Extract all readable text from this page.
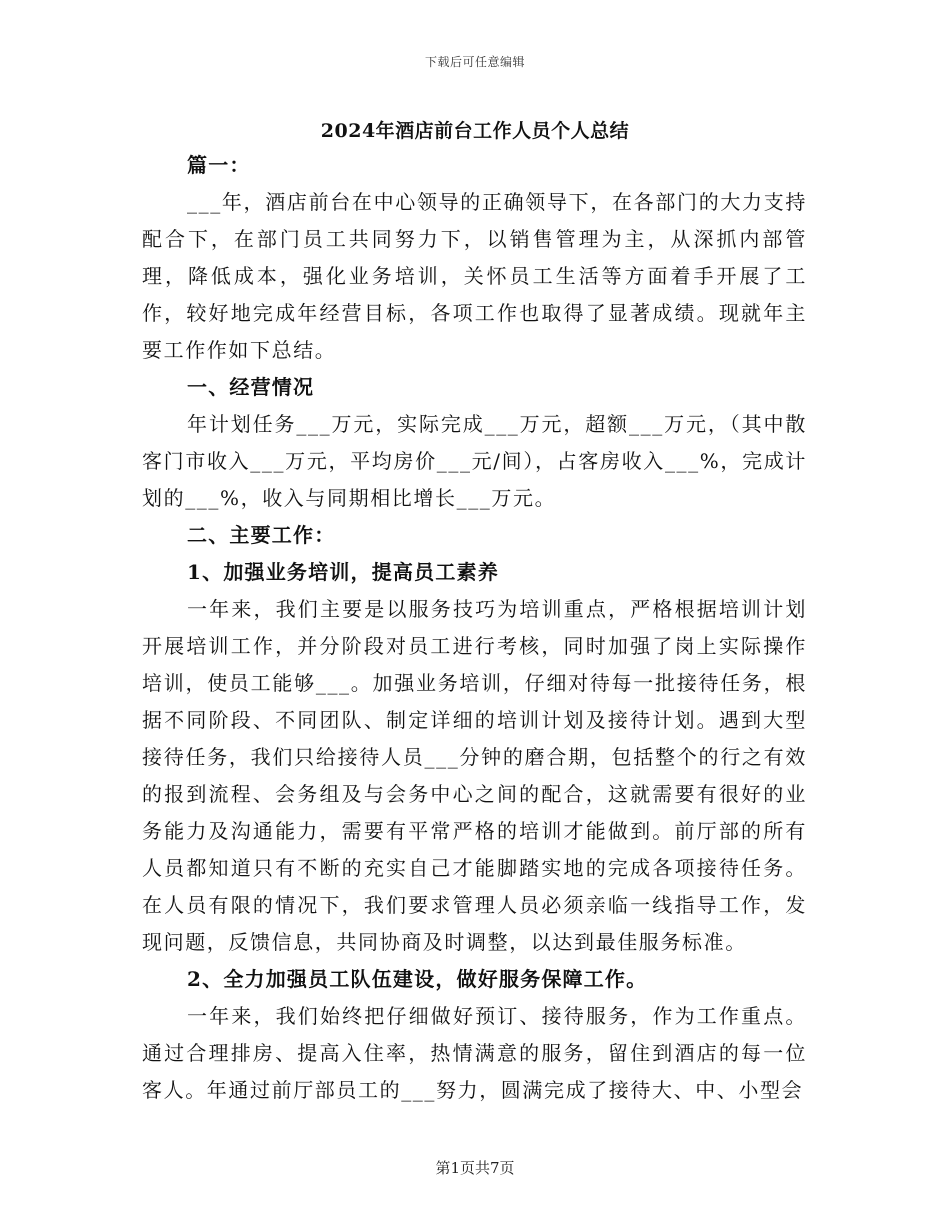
下载后可任意编辑
2024年酒店前台工作人员个人总结

篇一：

___年，酒店前台在中心领导的正确领导下，在各部门的大力支持配合下，在部门员工共同努力下，以销售管理为主，从深抓内部管理，降低成本，强化业务培训，关怀员工生活等方面着手开展了工作，较好地完成年经营目标，各项工作也取得了显著成绩。现就年主要工作作如下总结。

一、经营情况

年计划任务___万元，实际完成___万元，超额___万元，（其中散客门市收入___万元，平均房价___元/间），占客房收入___%，完成计划的___%，收入与同期相比增长___万元。

二、主要工作：

1、加强业务培训，提高员工素养

一年来，我们主要是以服务技巧为培训重点，严格根据培训计划开展培训工作，并分阶段对员工进行考核，同时加强了岗上实际操作培训，使员工能够___。加强业务培训，仔细对待每一批接待任务，根据不同阶段、不同团队、制定详细的培训计划及接待计划。遇到大型接待任务，我们只给接待人员___分钟的磨合期，包括整个的行之有效的报到流程、会务组及与会务中心之间的配合，这就需要有很好的业务能力及沟通能力，需要有平常严格的培训才能做到。前厅部的所有人员都知道只有不断的充实自己才能脚踏实地的完成各项接待任务。在人员有限的情况下，我们要求管理人员必须亲临一线指导工作，发现问题，反馈信息，共同协商及时调整，以达到最佳服务标准。

2、全力加强员工队伍建设，做好服务保障工作。

一年来，我们始终把仔细做好预订、接待服务，作为工作重点。通过合理排房、提高入住率，热情满意的服务，留住到酒店的每一位客人。年通过前厅部员工的___努力，圆满完成了接待大、中、小型会

第1页共7页
